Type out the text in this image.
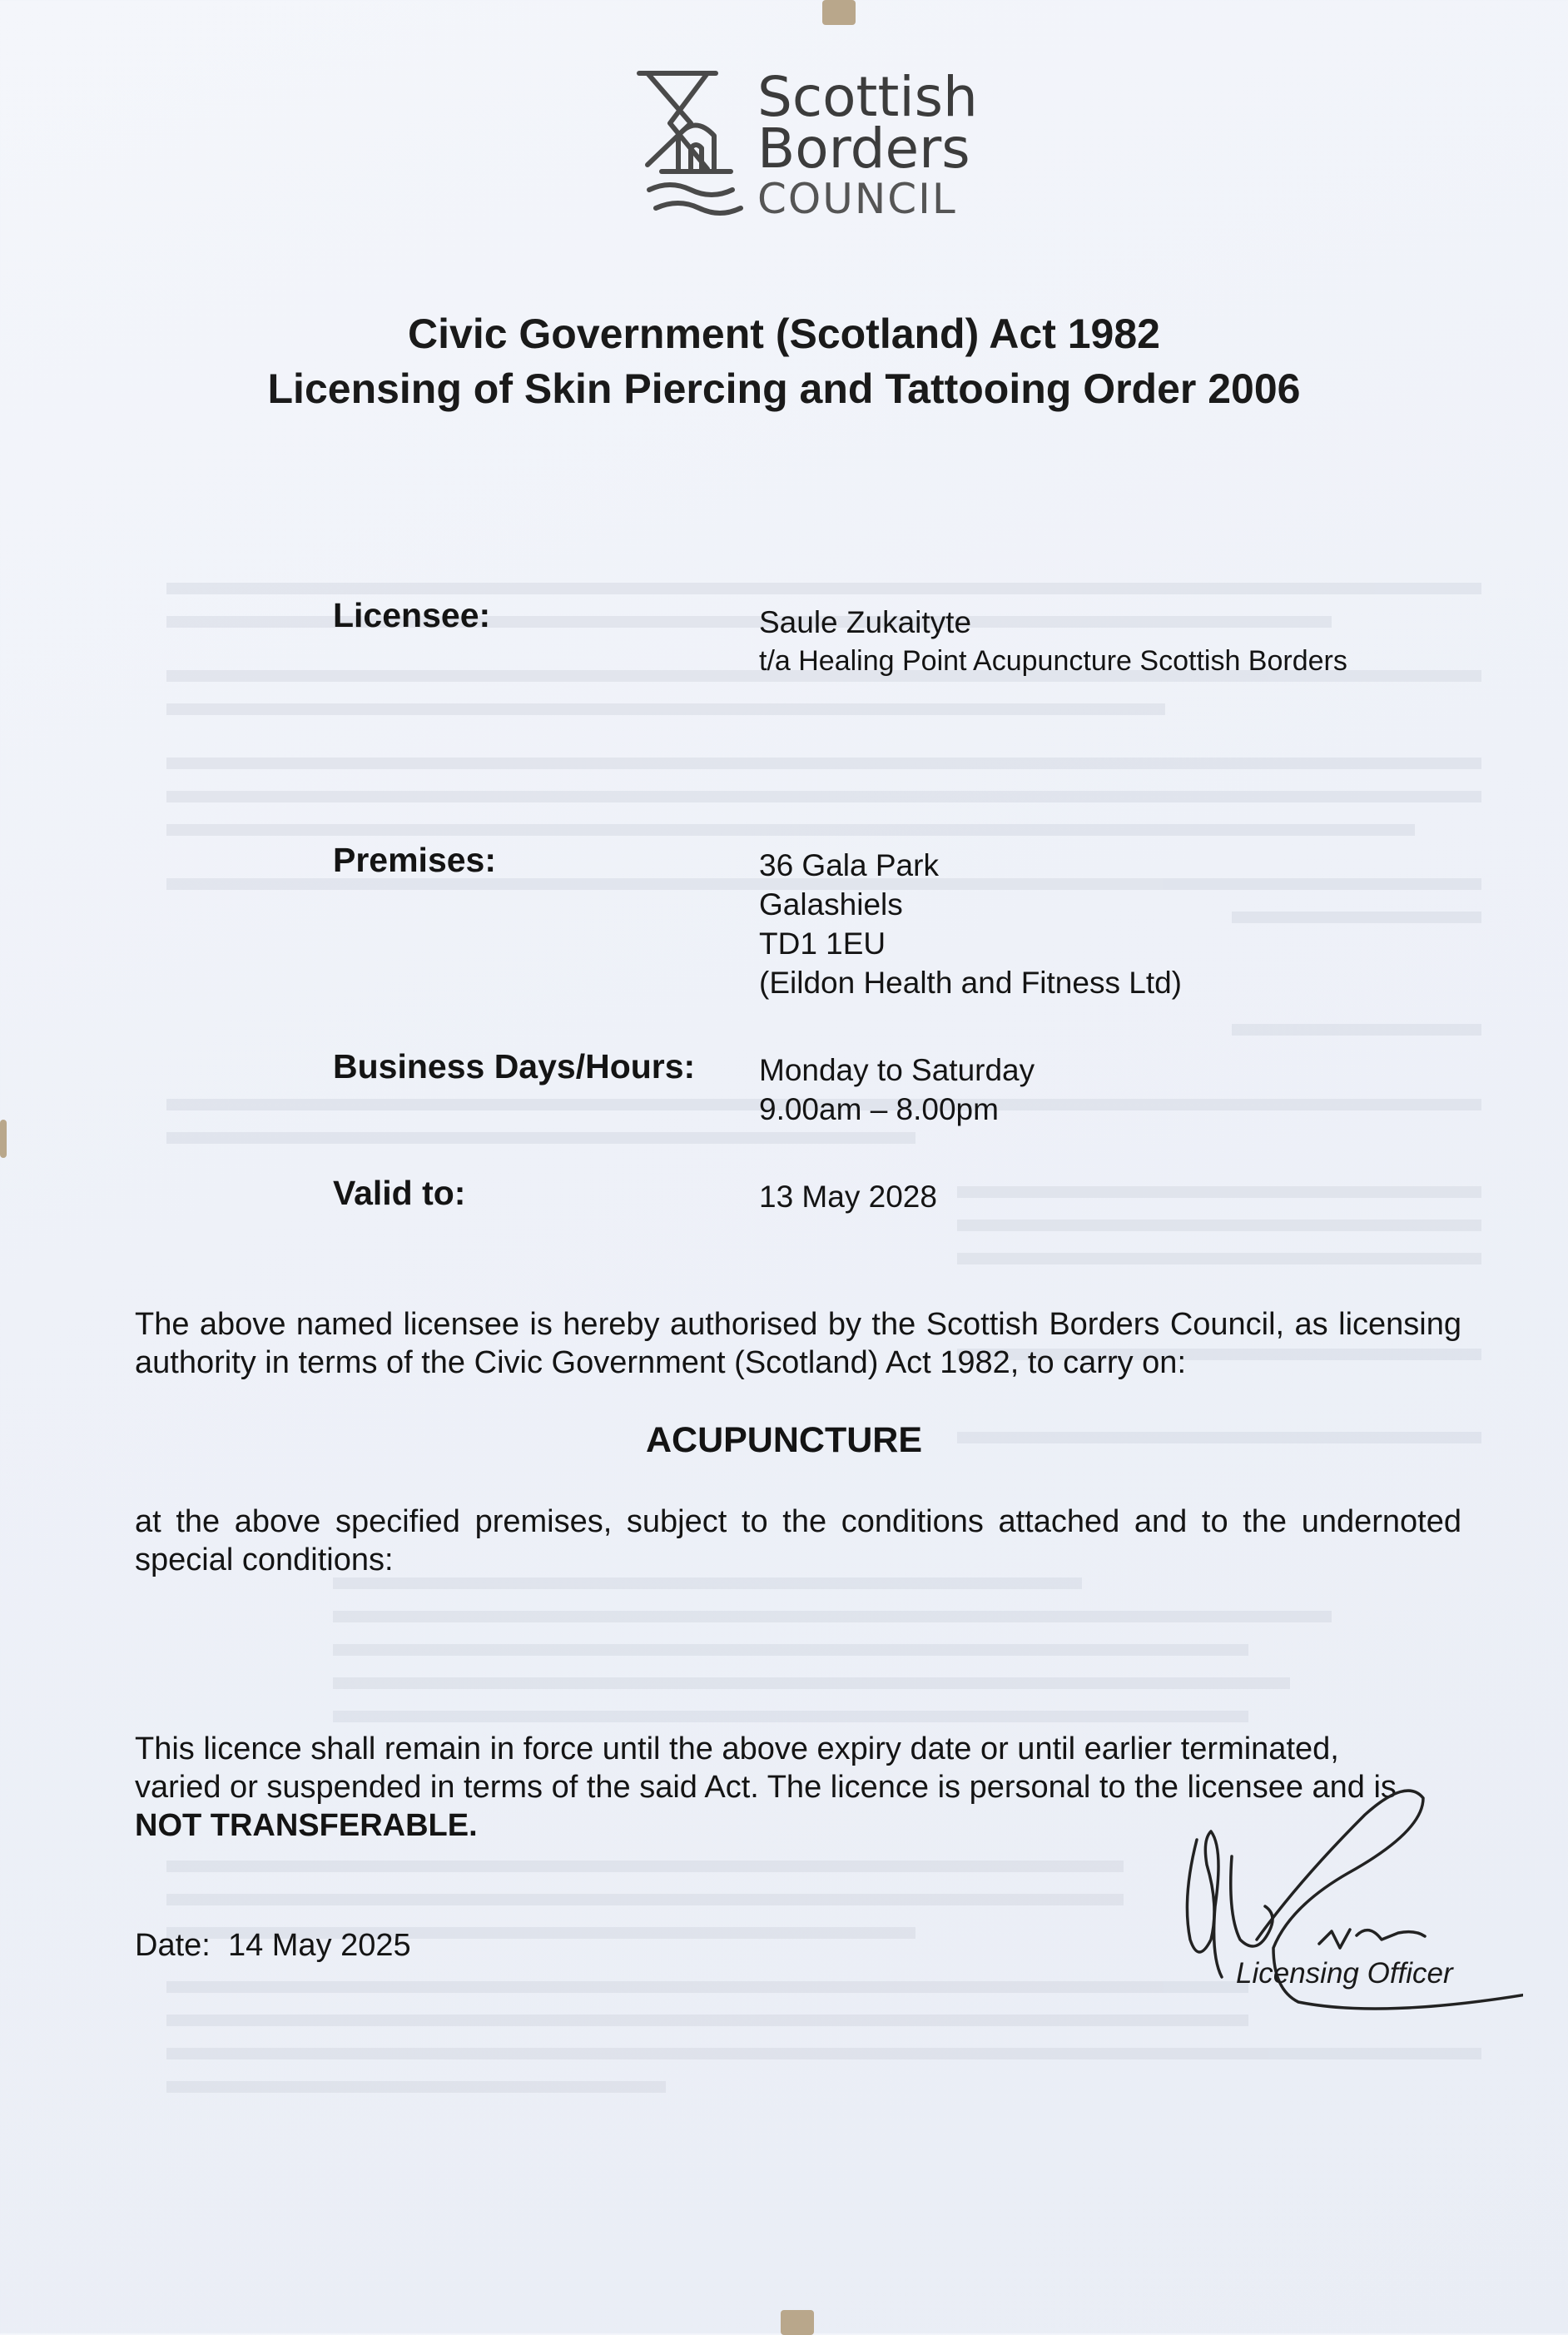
Scottish
Borders
COUNCIL
Civic Government (Scotland) Act 1982
Licensing of Skin Piercing and Tattooing Order 2006
Licensee:	Saule Zukaityte
t/a Healing Point Acupuncture Scottish Borders
Premises:	36 Gala Park
Galashiels
TD1 1EU
(Eildon Health and Fitness Ltd)
Business Days/Hours: Monday to Saturday
9.00am – 8.00pm
Valid to:	13 May 2028
The above named licensee is hereby authorised by the Scottish Borders Council, as licensing authority in terms of the Civic Government (Scotland) Act 1982, to carry on:
ACUPUNCTURE
at the above specified premises, subject to the conditions attached and to the undernoted special conditions:
This licence shall remain in force until the above expiry date or until earlier terminated, varied or suspended in terms of the said Act. The licence is personal to the licensee and is NOT TRANSFERABLE.
Date: 14 May 2025
Licensing Officer
